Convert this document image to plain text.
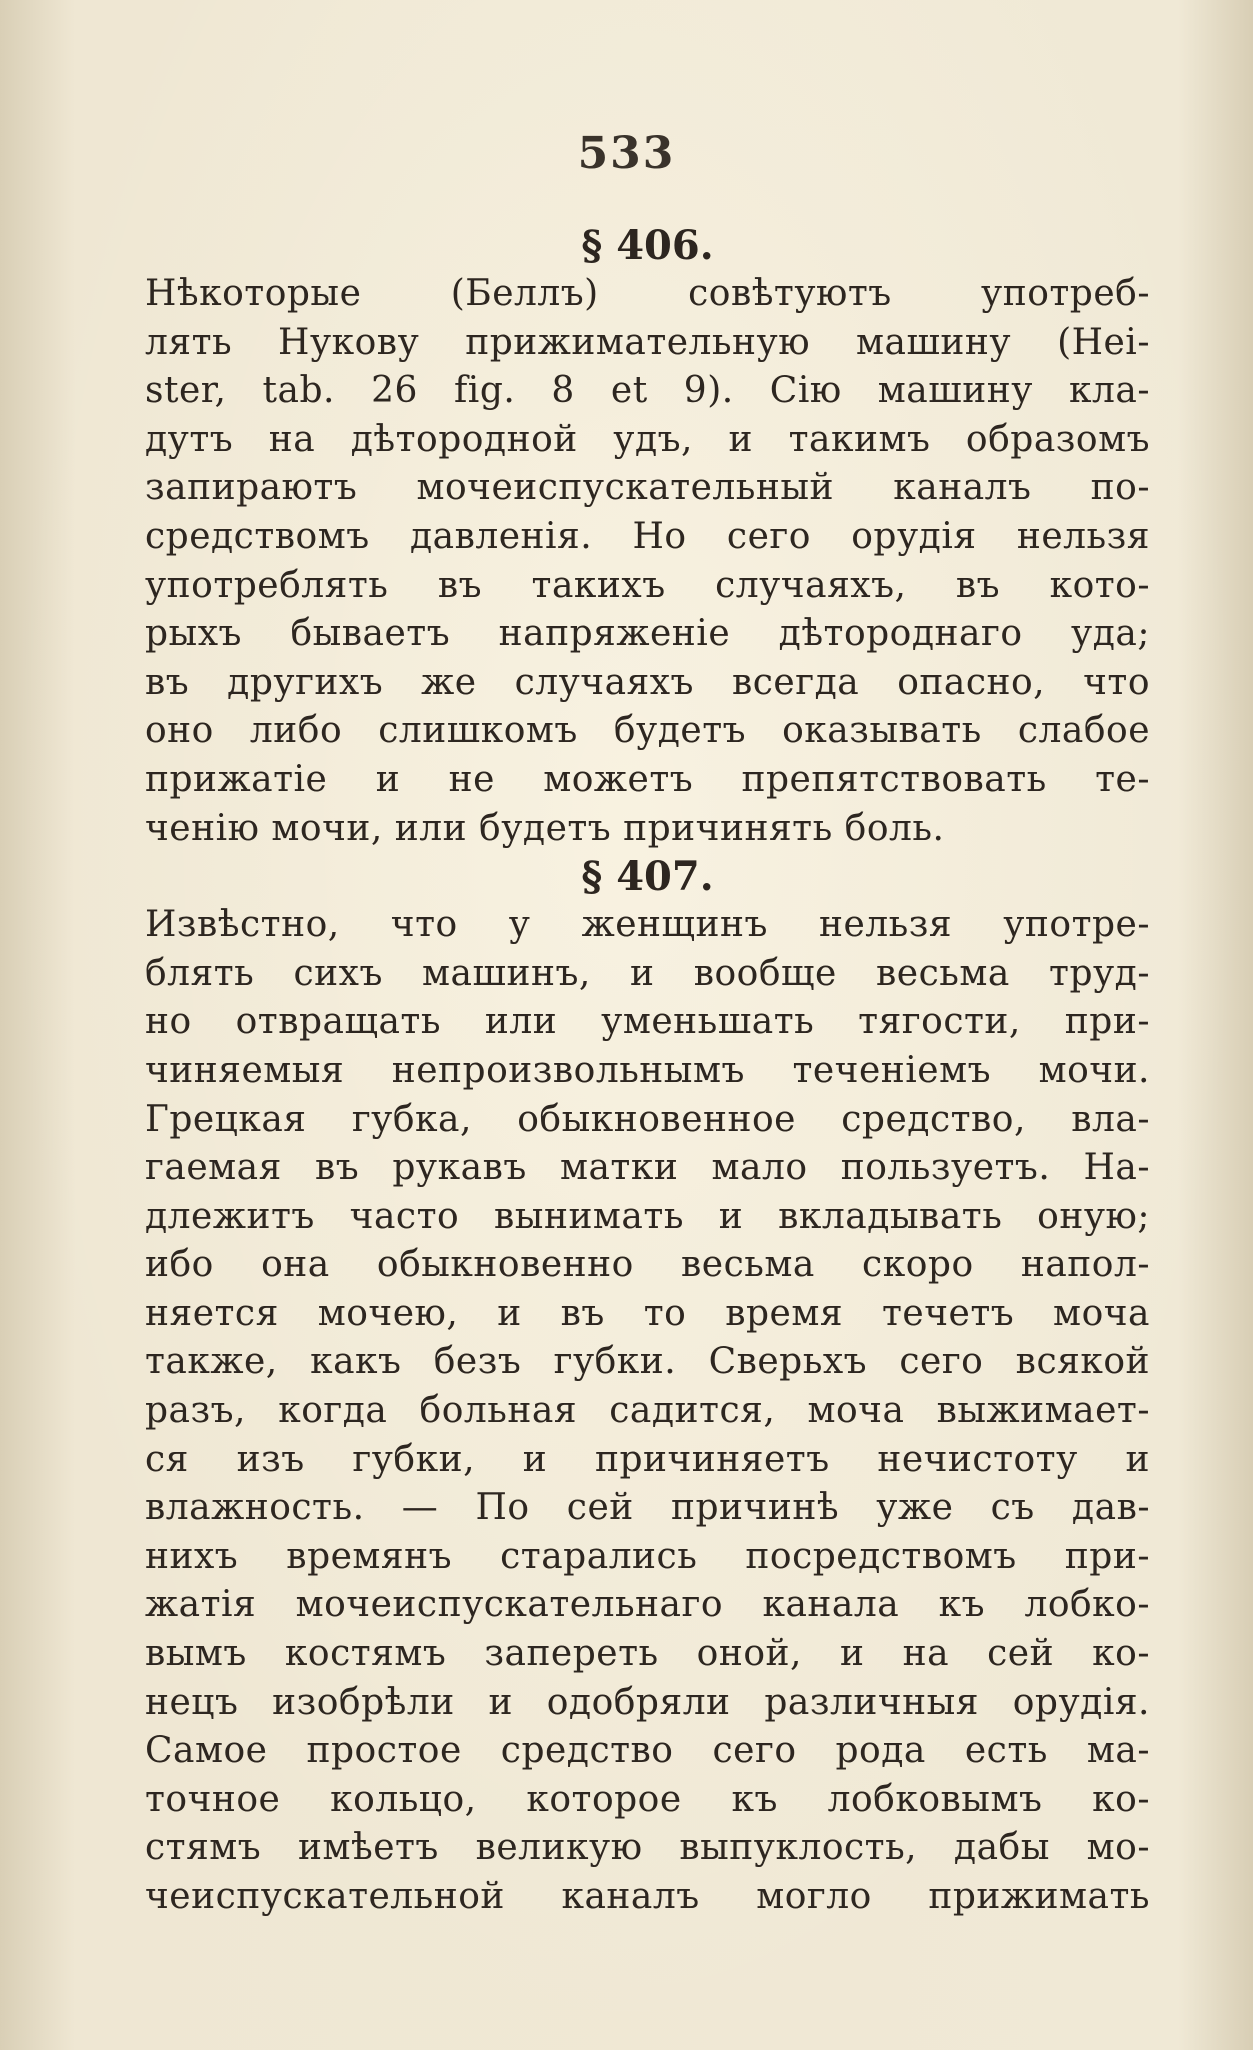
533
§ 406.
Нѣкоторые (Беллъ) совѣтуютъ употреб-
лять Нукову прижимательную машину (Hei-
ster, tab. 26 fig. 8 et 9). Сію машину кла-
дутъ на дѣтородной удъ, и такимъ образомъ
запираютъ мочеиспускательный каналъ по-
средствомъ давленія. Но сего орудія нельзя
употреблять въ такихъ случаяхъ, въ кото-
рыхъ бываетъ напряженіе дѣтороднаго уда;
въ другихъ же случаяхъ всегда опасно, что
оно либо слишкомъ будетъ оказывать слабое
прижатіе и не можетъ препятствовать те-
ченію мочи, или будетъ причинять боль.
§ 407.
Извѣстно, что у женщинъ нельзя употре-
блять сихъ машинъ, и вообще весьма труд-
но отвращать или уменьшать тягости, при-
чиняемыя непроизвольнымъ теченіемъ мочи.
Грецкая губка, обыкновенное средство, вла-
гаемая въ рукавъ матки мало пользуетъ. На-
длежитъ часто вынимать и вкладывать оную;
ибо она обыкновенно весьма скоро напол-
няется мочею, и въ то время течетъ моча
также, какъ безъ губки. Сверьхъ сего всякой
разъ, когда больная садится, моча выжимает-
ся изъ губки, и причиняетъ нечистоту и
влажность. — По сей причинѣ уже съ дав-
нихъ времянъ старались посредствомъ при-
жатія мочеиспускательнаго канала къ лобко-
вымъ костямъ запереть оной, и на сей ко-
нецъ изобрѣли и одобряли различныя орудія.
Самое простое средство сего рода есть ма-
точное кольцо, которое къ лобковымъ ко-
стямъ имѣетъ великую выпуклость, дабы мо-
чеиспускательной каналъ могло прижимать
